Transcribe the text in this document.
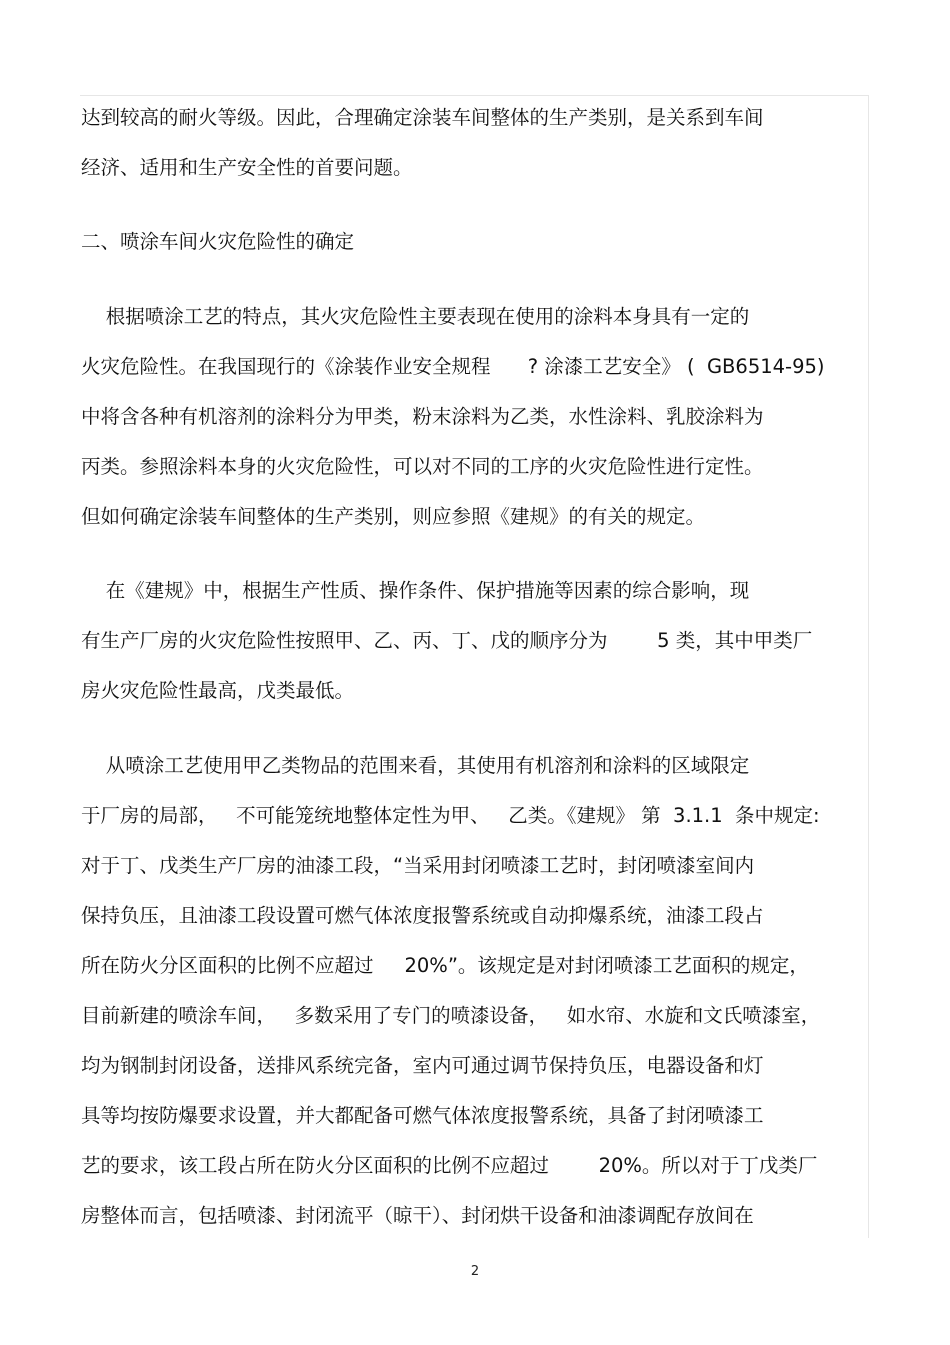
达到较高的耐火等级。因此，合理确定涂装车间整体的生产类别，是关系到车间

经济、适用和生产安全性的首要问题。

二、喷涂车间火灾危险性的确定

根据喷涂工艺的特点，其火灾危险性主要表现在使用的涂料本身具有一定的

火灾危险性。在我国现行的《涂装作业安全规程      ? 涂漆工艺安全》 (  GB6514-95)

中将含各种有机溶剂的涂料分为甲类，粉末涂料为乙类，水性涂料、乳胶涂料为

丙类。参照涂料本身的火灾危险性，可以对不同的工序的火灾危险性进行定性。

但如何确定涂装车间整体的生产类别，则应参照《建规》的有关的规定。

在《建规》中，根据生产性质、操作条件、保护措施等因素的综合影响，现

有生产厂房的火灾危险性按照甲、乙、丙、丁、戊的顺序分为        5 类，其中甲类厂

房火灾危险性最高，戊类最低。

从喷涂工艺使用甲乙类物品的范围来看，其使用有机溶剂和涂料的区域限定

于厂房的局部，   不可能笼统地整体定性为甲、   乙类。《建规》 第  3.1.1  条中规定:

对于丁、戊类生产厂房的油漆工段，“当采用封闭喷漆工艺时，封闭喷漆室间内

保持负压，且油漆工段设置可燃气体浓度报警系统或自动抑爆系统，油漆工段占

所在防火分区面积的比例不应超过     20%”。该规定是对封闭喷漆工艺面积的规定，

目前新建的喷涂车间，   多数采用了专门的喷漆设备，   如水帘、水旋和文氏喷漆室，

均为钢制封闭设备，送排风系统完备，室内可通过调节保持负压，电器设备和灯

具等均按防爆要求设置，并大都配备可燃气体浓度报警系统，具备了封闭喷漆工

艺的要求，该工段占所在防火分区面积的比例不应超过        20%。所以对于丁戊类厂

房整体而言，包括喷漆、封闭流平（晾干）、封闭烘干设备和油漆调配存放间在

2
